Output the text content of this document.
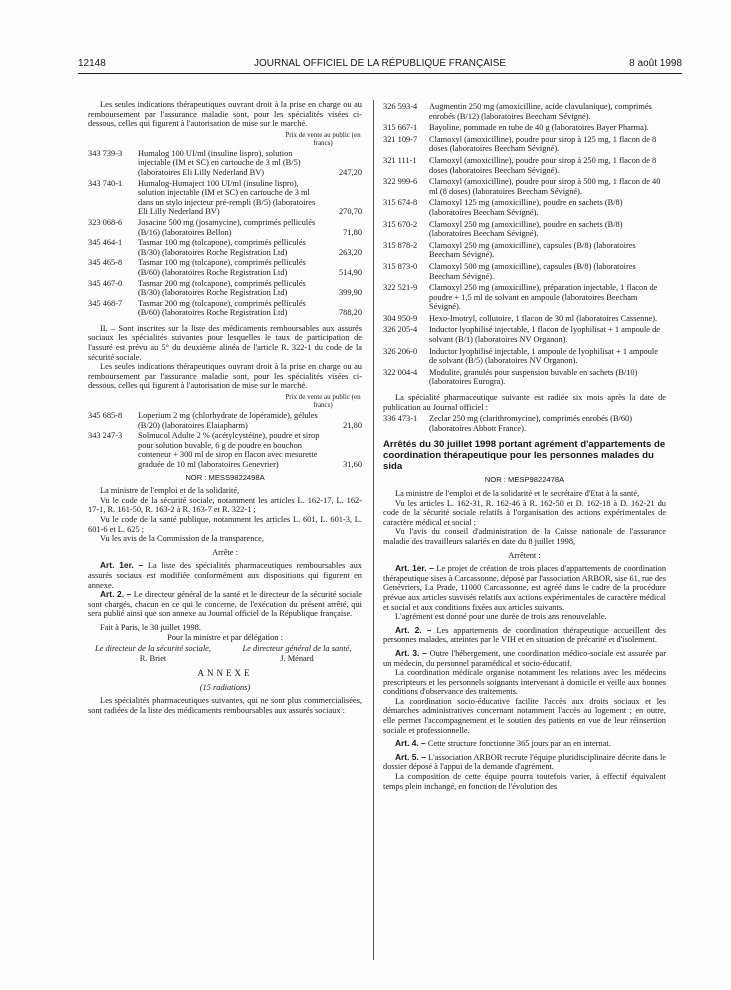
12148	JOURNAL OFFICIEL DE LA RÉPUBLIQUE FRANÇAISE	8 août 1998

Les seules indications thérapeutiques ouvrant droit à la prise en charge ou au remboursement par l'assurance maladie sont, pour les spécialités visées ci-dessous, celles qui figurent à l'autorisation de mise sur le marché.

Prix de vente au public (en francs)
343 739-3	Humalog 100 UI/ml (insuline lispro), solution injectable (IM et SC) en cartouche de 3 ml (B/5) (laboratoires Eli Lilly Nederland BV)	247,20
343 740-1	Humalog-Humaject 100 UI/ml (insuline lispro), solution injectable (IM et SC) en cartouche de 3 ml dans un stylo injecteur pré-rempli (B/5) (laboratoires Eli Lilly Nederland BV)	270,70
323 068-6	Josacine 500 mg (josamycine), comprimés pelliculés (B/16) (laboratoires Bellon)	71,80
345 464-1	Tasmar 100 mg (tolcapone), comprimés pelliculés (B/30) (laboratoires Roche Registration Ltd)	263,20
345 465-8	Tasmar 100 mg (tolcapone), comprimés pelliculés (B/60) (laboratoires Roche Registration Ltd)	514,90
345 467-0	Tasmar 200 mg (tolcapone), comprimés pelliculés (B/30) (laboratoires Roche Registration Ltd)	399,90
345 468-7	Tasmar 200 mg (tolcapone), comprimés pelliculés (B/60) (laboratoires Roche Registration Ltd)	788,20

II. – Sont inscrites sur la liste des médicaments remboursables aux assurés sociaux les spécialités suivantes pour lesquelles le taux de participation de l'assuré est prévu au 5° du deuxième alinéa de l'article R. 322-1 du code de la sécurité sociale.

Les seules indications thérapeutiques ouvrant droit à la prise en charge ou au remboursement par l'assurance maladie sont, pour les spécialités visées ci-dessous, celles qui figurent à l'autorisation de mise sur le marché.

Prix de vente au public (en francs)
345 685-8	Loperium 2 mg (chlorhydrate de lopéramide), gélules (B/20) (laboratoires Elaiapharm)	21,80
343 247-3	Solmucol Adulte 2 % (acétylcystéine), poudre et sirop pour solution buvable, 6 g de poudre en bouchon conteneur + 300 ml de sirop en flacon avec mesurette graduée de 10 ml (laboratoires Genevrier)	31,60
NOR : MESS9822498A

La ministre de l'emploi et de la solidarité,

Vu le code de la sécurité sociale, notamment les articles L. 162-17, L. 162-17-1, R. 161-50, R. 163-2 à R. 163-7 et R. 322-1 ;

Vu le code de la santé publique, notamment les articles L. 601, L. 601-3, L. 601-6 et L. 625 ;

Vu les avis de la Commission de la transparence,

Arrête :

Art. 1er. – La liste des spécialités pharmaceutiques remboursables aux assurés sociaux est modifiée conformément aux dispositions qui figurent en annexe.

Art. 2. – Le directeur général de la santé et le directeur de la sécurité sociale sont chargés, chacun en ce qui le concerne, de l'exécution du présent arrêté, qui sera publié ainsi que son annexe au Journal officiel de la République française.

Fait à Paris, le 30 juillet 1998.

Pour la ministre et par délégation :

Le directeur de la sécurité sociale,
R. Briet
Le directeur général de la santé,
J. Ménard

ANNEXE

(15 radiations)

Les spécialités pharmaceutiques suivantes, qui ne sont plus commercialisées, sont radiées de la liste des médicaments remboursables aux assurés sociaux :

326 593-4	Augmentin 250 mg (amoxicilline, acide clavulanique), comprimés enrobés (B/12) (laboratoires Beecham Sévigné).
315 667-1	Bayoline, pommade en tube de 40 g (laboratoires Bayer Pharma).
321 109-7	Clamoxyl (amoxicilline), poudre pour sirop à 125 mg, 1 flacon de 8 doses (laboratoires Beecham Sévigné).
321 111-1	Clamoxyl (amoxicilline), poudre pour sirop à 250 mg, 1 flacon de 8 doses (laboratoires Beecham Sévigné).
322 999-6	Clamoxyl (amoxicilline), poudre pour sirop à 500 mg, 1 flacon de 40 ml (8 doses) (laboratoires Beecham Sévigné).
315 674-8	Clamoxyl 125 mg (amoxicilline), poudre en sachets (B/8) (laboratoires Beecham Sévigné).
315 670-2	Clamoxyl 250 mg (amoxicilline), poudre en sachets (B/8) (laboratoires Beecham Sévigné).
315 878-2	Clamoxyl 250 mg (amoxicilline), capsules (B/8) (laboratoires Beecham Sévigné).
315 873-0	Clamoxyl 500 mg (amoxicilline), capsules (B/8) (laboratoires Beecham Sévigné).
322 521-9	Clamoxyl 250 mg (amoxicilline), préparation injectable, 1 flacon de poudre + 1,5 ml de solvant en ampoule (laboratoires Beecham Sévigné).
304 950-9	Hexo-Imotryl, collutoire, 1 flacon de 30 ml (laboratoires Cassenne).
326 205-4	Inductor lyophilisé injectable, 1 flacon de lyophilisat + 1 ampoule de solvant (B/1) (laboratoires NV Organon).
326 206-0	Inductor lyophilisé injectable, 1 ampoule de lyophilisat + 1 ampoule de solvant (B/5) (laboratoires NV Organon).
322 004-4	Modulite, granulés pour suspension buvable en sachets (B/10) (laboratoires Eurogra).

La spécialité pharmaceutique suivante est radiée six mois après la date de publication au Journal officiel :

336 473-1	Zeclar 250 mg (clarithromycine), comprimés enrobés (B/60) (laboratoires Abbott France).
Arrêtés du 30 juillet 1998 portant agrément d'appartements de coordination thérapeutique pour les personnes malades du sida
NOR : MESP9822478A

La ministre de l'emploi et de la solidarité et le secrétaire d'Etat à la santé,

Vu les articles L. 162-31, R. 162-46 à R. 162-50 et D. 162-18 à D. 162-21 du code de la sécurité sociale relatifs à l'organisation des actions expérimentales de caractère médical et social ;

Vu l'avis du conseil d'administration de la Caisse nationale de l'assurance maladie des travailleurs salariés en date du 8 juillet 1998,

Arrêtent :

Art. 1er. – Le projet de création de trois places d'appartements de coordination thérapeutique sises à Carcassonne, déposé par l'association ARBOR, sise 61, rue des Genévriers, La Prade, 11000 Carcassonne, est agréé dans le cadre de la procédure prévue aux articles susvisés relatifs aux actions expérimentales de caractère médical et social et aux conditions fixées aux articles suivants.

L'agrément est donné pour une durée de trois ans renouvelable.

Art. 2. – Les appartements de coordination thérapeutique accueillent des personnes malades, atteintes par le VIH et en situation de précarité et d'isolement.

Art. 3. – Outre l'hébergement, une coordination médico-sociale est assurée par un médecin, du personnel paramédical et socio-éducatif.

La coordination médicale organise notamment les relations avec les médecins prescripteurs et les personnels soignants intervenant à domicile et veille aux bonnes conditions d'observance des traitements.

La coordination socio-éducative facilite l'accès aux droits sociaux et les démarches administratives concernant notamment l'accès au logement ; en outre, elle permet l'accompagnement et le soutien des patients en vue de leur réinsertion sociale et professionnelle.

Art. 4. – Cette structure fonctionne 365 jours par an en internat.

Art. 5. – L'association ARBOR recrute l'équipe pluridisciplinaire décrite dans le dossier déposé à l'appui de la demande d'agrément.

La composition de cette équipe pourra toutefois varier, à effectif équivalent temps plein inchangé, en fonction de l'évolution des
